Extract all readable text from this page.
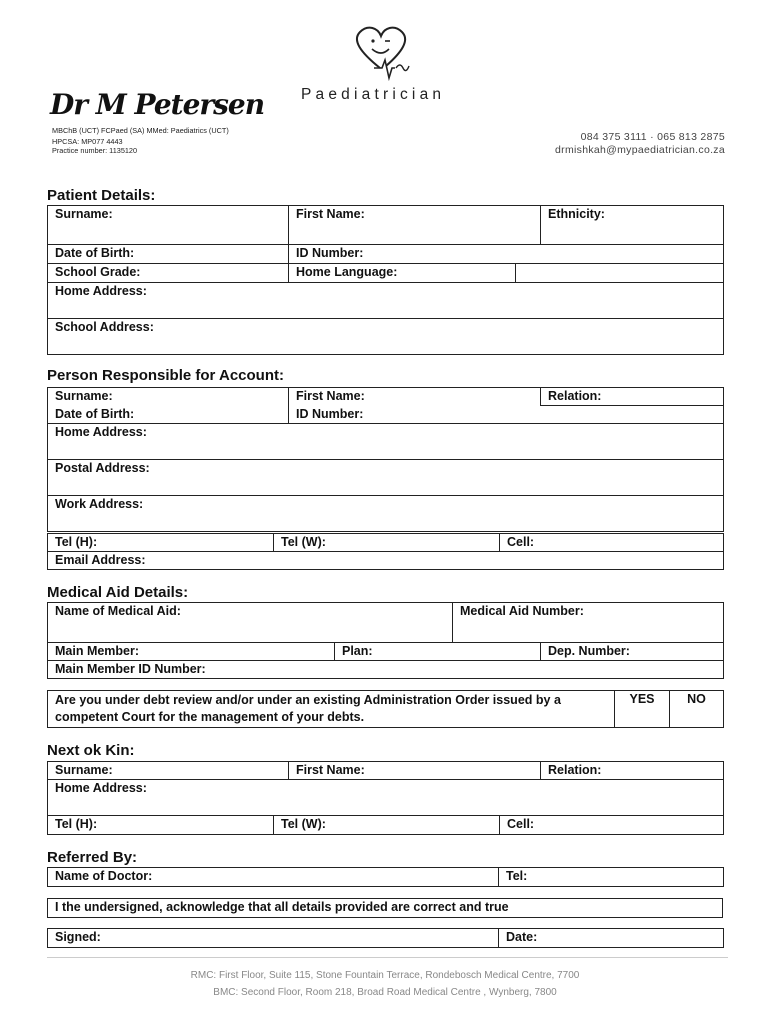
Paediatrician
Dr M Petersen
MBChB (UCT) FCPaed (SA) MMed: Paediatrics (UCT)
HPCSA: MP077 4443
Practice number: 1135120
084 375 3111 · 065 813 2875
drmishkah@mypaediatrician.co.za
Patient Details:
Surname:	First Name:	Ethnicity:
Date of Birth:	ID Number:	
School Grade:	Home Language:	
Home Address:		
School Address:		
Person Responsible for Account:
Surname:	First Name:	Relation:
Date of Birth:	ID Number:	
Home Address:		
Postal Address:		
Work Address:		
Tel (H):	Tel (W):	Cell:
Email Address:
Medical Aid Details:
Name of Medical Aid:	Medical Aid Number:
Main Member:	Plan:	Dep. Number:
Main Member ID Number:
Are you under debt review and/or under an existing Administration Order issued by a competent Court for the management of your debts.	YES	NO
Next ok Kin:
Surname:	First Name:	Relation:
Home Address:
Tel (H):	Tel (W):	Cell:
Referred By:
Name of Doctor:	Tel:
I the undersigned, acknowledge that all details provided are correct and true
Signed:	Date:
RMC: First Floor, Suite 115, Stone Fountain Terrace, Rondebosch Medical Centre, 7700
BMC: Second Floor, Room 218, Broad Road Medical Centre , Wynberg, 7800
